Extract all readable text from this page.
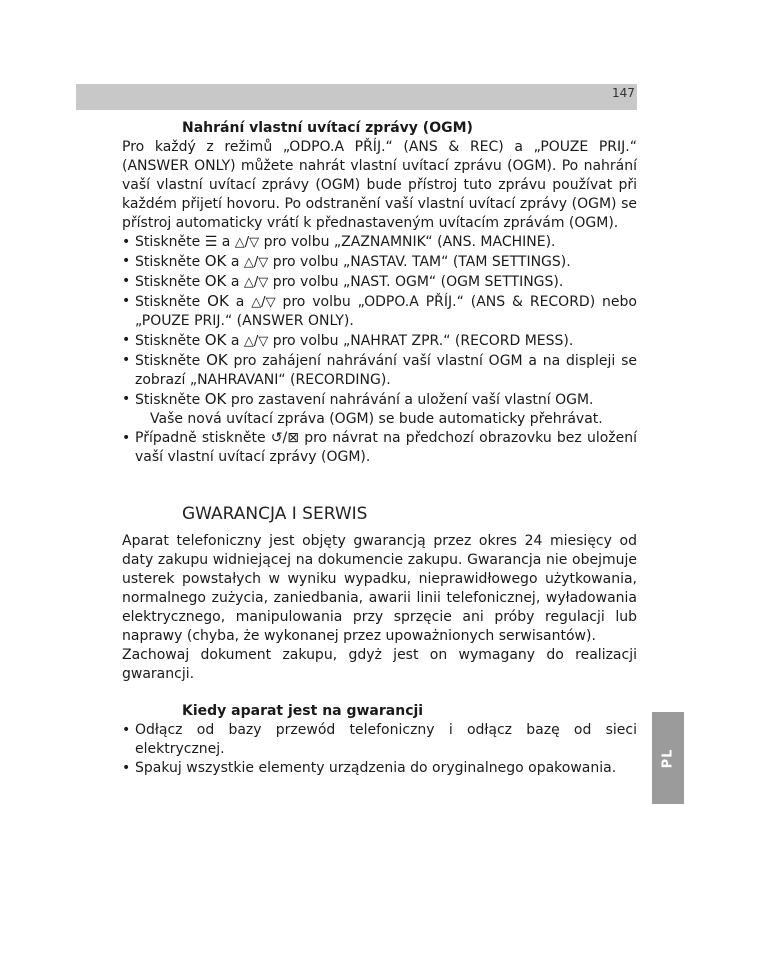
147
PL
Nahrání vlastní uvítací zprávy (OGM)

Pro každý z režimů „ODPO.A PŘÍJ.“ (ANS & REC) a „POUZE PRIJ.“ (ANSWER ONLY) můžete nahrát vlastní uvítací zprávu (OGM). Po nahrání vaší vlastní uvítací zprávy (OGM) bude přístroj tuto zprávu používat při každém přijetí hovoru. Po odstranění vaší vlastní uvítací zprávy (OGM) se přístroj automaticky vrátí k přednastaveným uvítacím zprávám (OGM).

• Stiskněte ☰ a △/▽ pro volbu „ZAZNAMNIK“ (ANS. MACHINE).
• Stiskněte OK a △/▽ pro volbu „NASTAV. TAM“ (TAM SETTINGS).
• Stiskněte OK a △/▽ pro volbu „NAST. OGM“ (OGM SETTINGS).
• Stiskněte OK a △/▽ pro volbu „ODPO.A PŘÍJ.“ (ANS & RECORD) nebo „POUZE PRIJ.“ (ANSWER ONLY).
• Stiskněte OK a △/▽ pro volbu „NAHRAT ZPR.“ (RECORD MESS).
• Stiskněte OK pro zahájení nahrávání vaší vlastní OGM a na displeji se zobrazí „NAHRAVANI“ (RECORDING).
• Stiskněte OK pro zastavení nahrávání a uložení vaší vlastní OGM.
Vaše nová uvítací zpráva (OGM) se bude automaticky přehrávat.
• Případně stiskněte ↺/⊠ pro návrat na předchozí obrazovku bez uložení vaší vlastní uvítací zprávy (OGM).
GWARANCJA I SERWIS

Aparat telefoniczny jest objęty gwarancją przez okres 24 miesięcy od daty zakupu widniejącej na dokumencie zakupu. Gwarancja nie obejmuje usterek powstałych w wyniku wypadku, nieprawidłowego użytkowania, normalnego zużycia, zaniedbania, awarii linii telefonicznej, wyładowania elektrycznego, manipulowania przy sprzęcie ani próby regulacji lub naprawy (chyba, że wykonanej przez upoważnionych serwisantów).

Zachowaj dokument zakupu, gdyż jest on wymagany do realizacji gwarancji.

Kiedy aparat jest na gwarancji
• Odłącz od bazy przewód telefoniczny i odłącz bazę od sieci elektrycznej.
• Spakuj wszystkie elementy urządzenia do oryginalnego opakowania.
